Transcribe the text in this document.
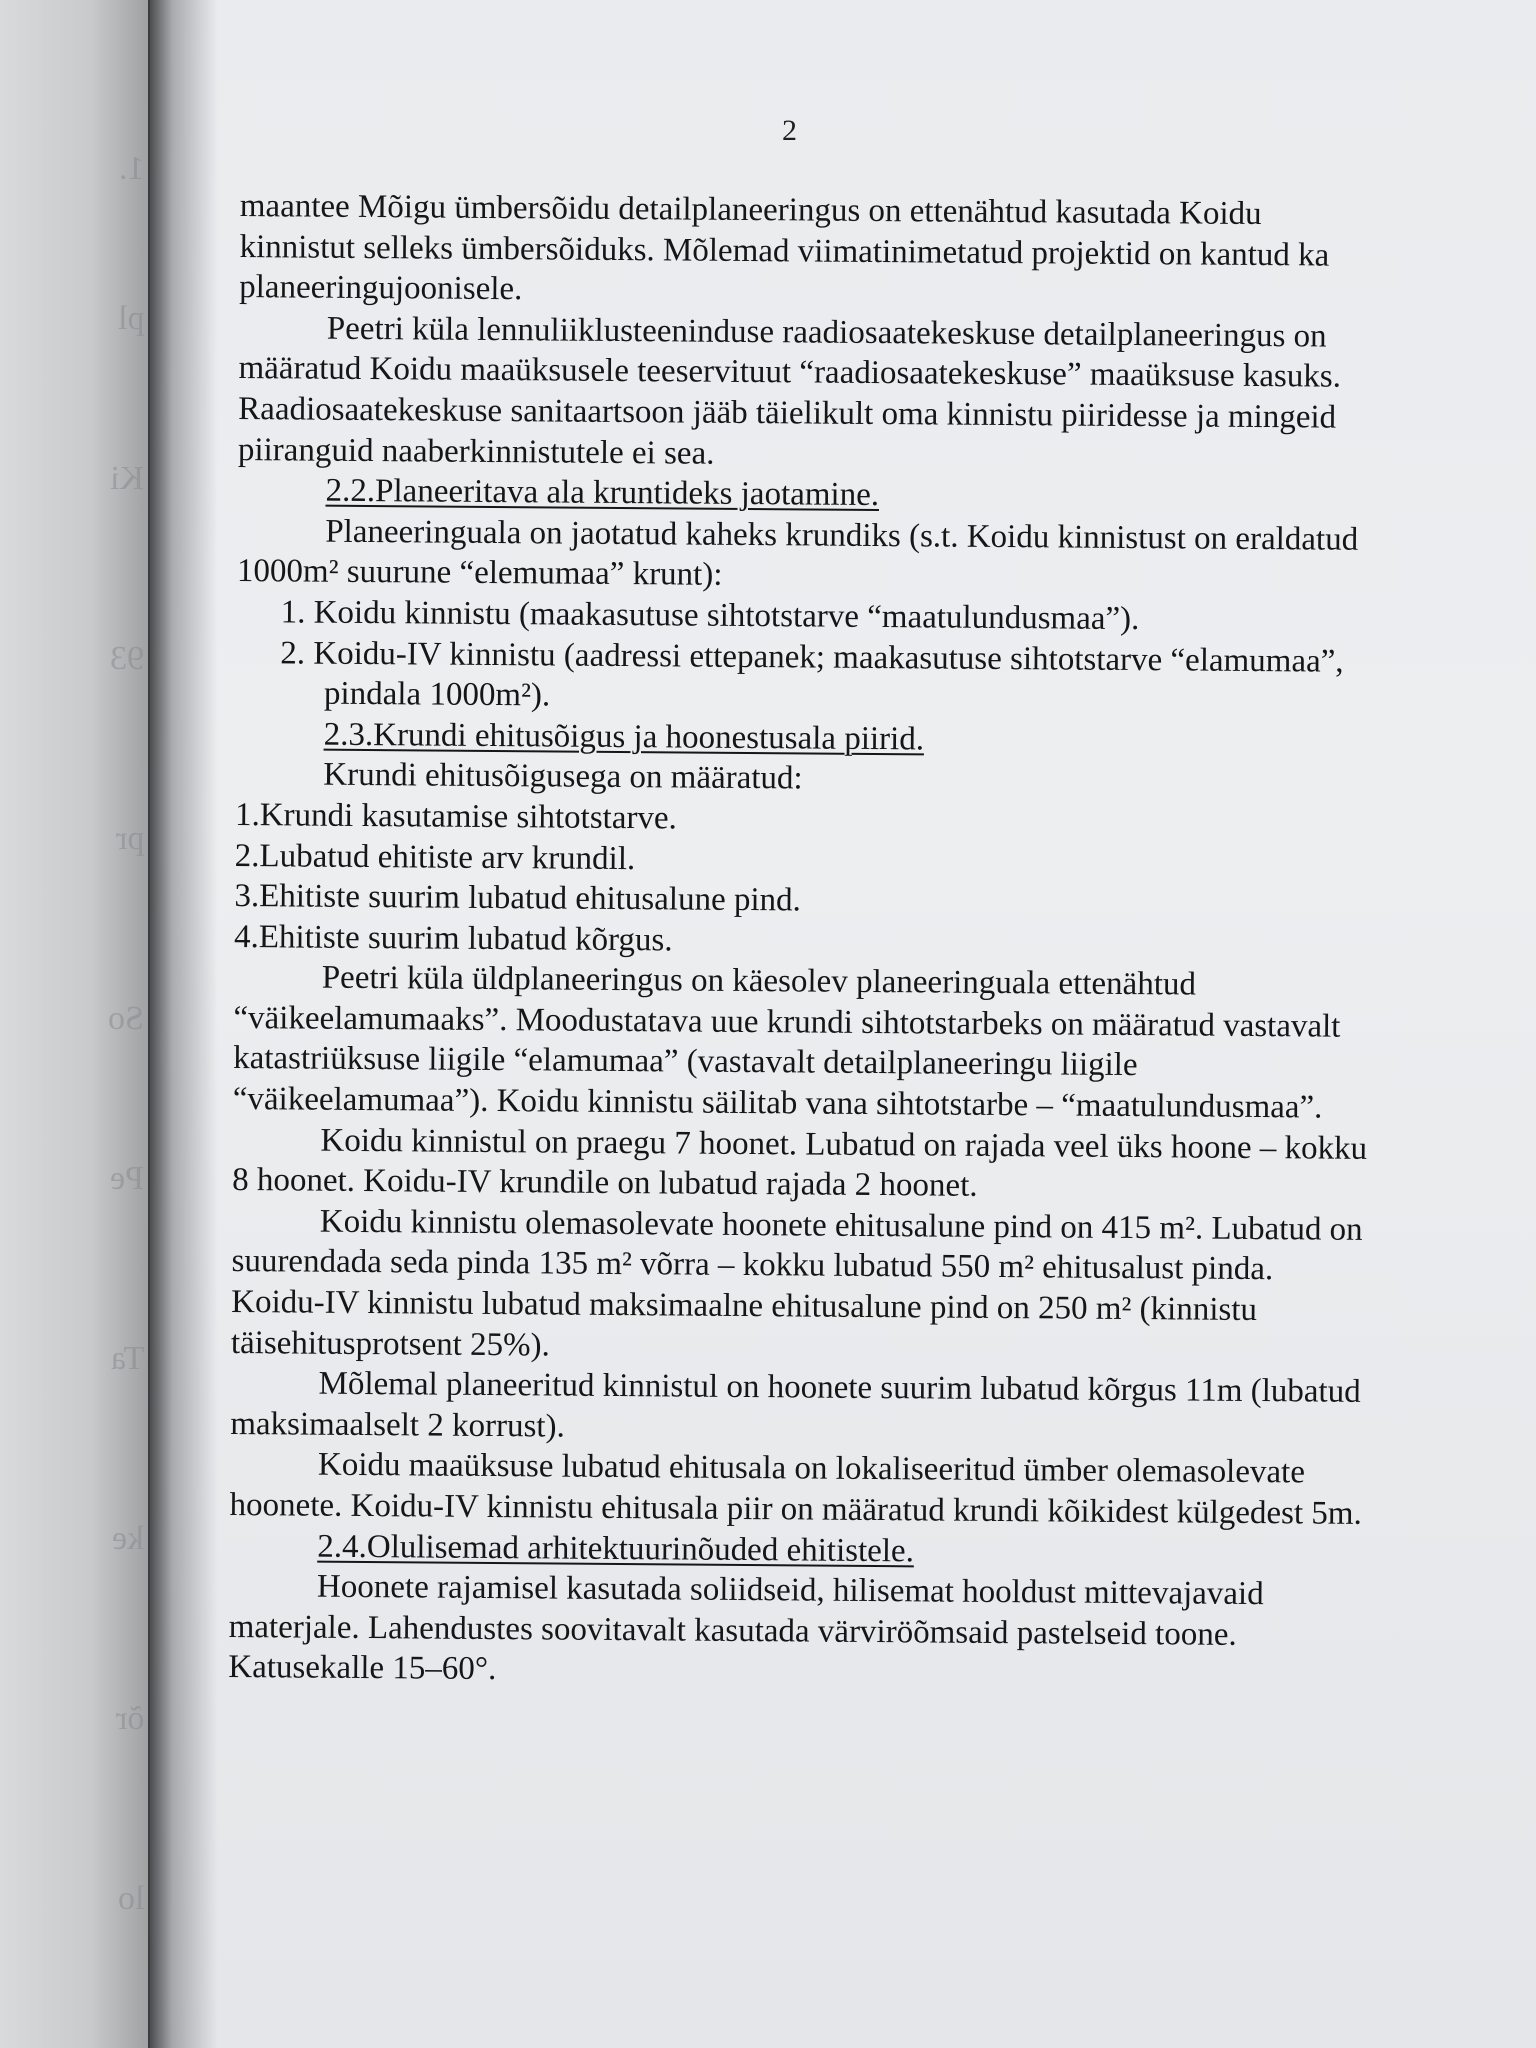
1.
pl
Ki
93
pr
So
Pe
Ta
ke
õr
lo
2

maantee Mõigu ümbersõidu detailplaneeringus on ettenähtud kasutada Koidu kinnistut selleks ümbersõiduks. Mõlemad viimatinimetatud projektid on kantud ka planeeringujoonisele.

Peetri küla lennuliiklusteeninduse raadiosaatekeskuse detailplaneeringus on määratud Koidu maaüksusele teeservituut “raadiosaatekeskuse” maaüksuse kasuks. Raadiosaatekeskuse sanitaartsoon jääb täielikult oma kinnistu piiridesse ja mingeid piiranguid naaberkinnistutele ei sea.

2.2.Planeeritava ala kruntideks jaotamine.

Planeeringuala on jaotatud kaheks krundiks (s.t. Koidu kinnistust on eraldatud 1000m² suurune “elemumaa” krunt):

1. Koidu kinnistu (maakasutuse sihtotstarve “maatulundusmaa”).

2. Koidu-IV kinnistu (aadressi ettepanek; maakasutuse sihtotstarve “elamumaa”, pindala 1000m²).

2.3.Krundi ehitusõigus ja hoonestusala piirid.

Krundi ehitusõigusega on määratud:

1.Krundi kasutamise sihtotstarve.

2.Lubatud ehitiste arv krundil.

3.Ehitiste suurim lubatud ehitusalune pind.

4.Ehitiste suurim lubatud kõrgus.

Peetri küla üldplaneeringus on käesolev planeeringuala ettenähtud “väikeelamumaaks”. Moodustatava uue krundi sihtotstarbeks on määratud vastavalt katastriüksuse liigile “elamumaa” (vastavalt detailplaneeringu liigile “väikeelamumaa”). Koidu kinnistu säilitab vana sihtotstarbe – “maatulundusmaa”.

Koidu kinnistul on praegu 7 hoonet. Lubatud on rajada veel üks hoone – kokku 8 hoonet. Koidu-IV krundile on lubatud rajada 2 hoonet.

Koidu kinnistu olemasolevate hoonete ehitusalune pind on 415 m². Lubatud on suurendada seda pinda 135 m² võrra – kokku lubatud 550 m² ehitusalust pinda. Koidu-IV kinnistu lubatud maksimaalne ehitusalune pind on 250 m² (kinnistu täisehitusprotsent 25%).

Mõlemal planeeritud kinnistul on hoonete suurim lubatud kõrgus 11m (lubatud maksimaalselt 2 korrust).

Koidu maaüksuse lubatud ehitusala on lokaliseeritud ümber olemasolevate hoonete. Koidu-IV kinnistu ehitusala piir on määratud krundi kõikidest külgedest 5m.

2.4.Olulisemad arhitektuurinõuded ehitistele.

Hoonete rajamisel kasutada soliidseid, hilisemat hooldust mittevajavaid materjale. Lahendustes soovitavalt kasutada värviröõmsaid pastelseid toone. Katusekalle 15–60°.
